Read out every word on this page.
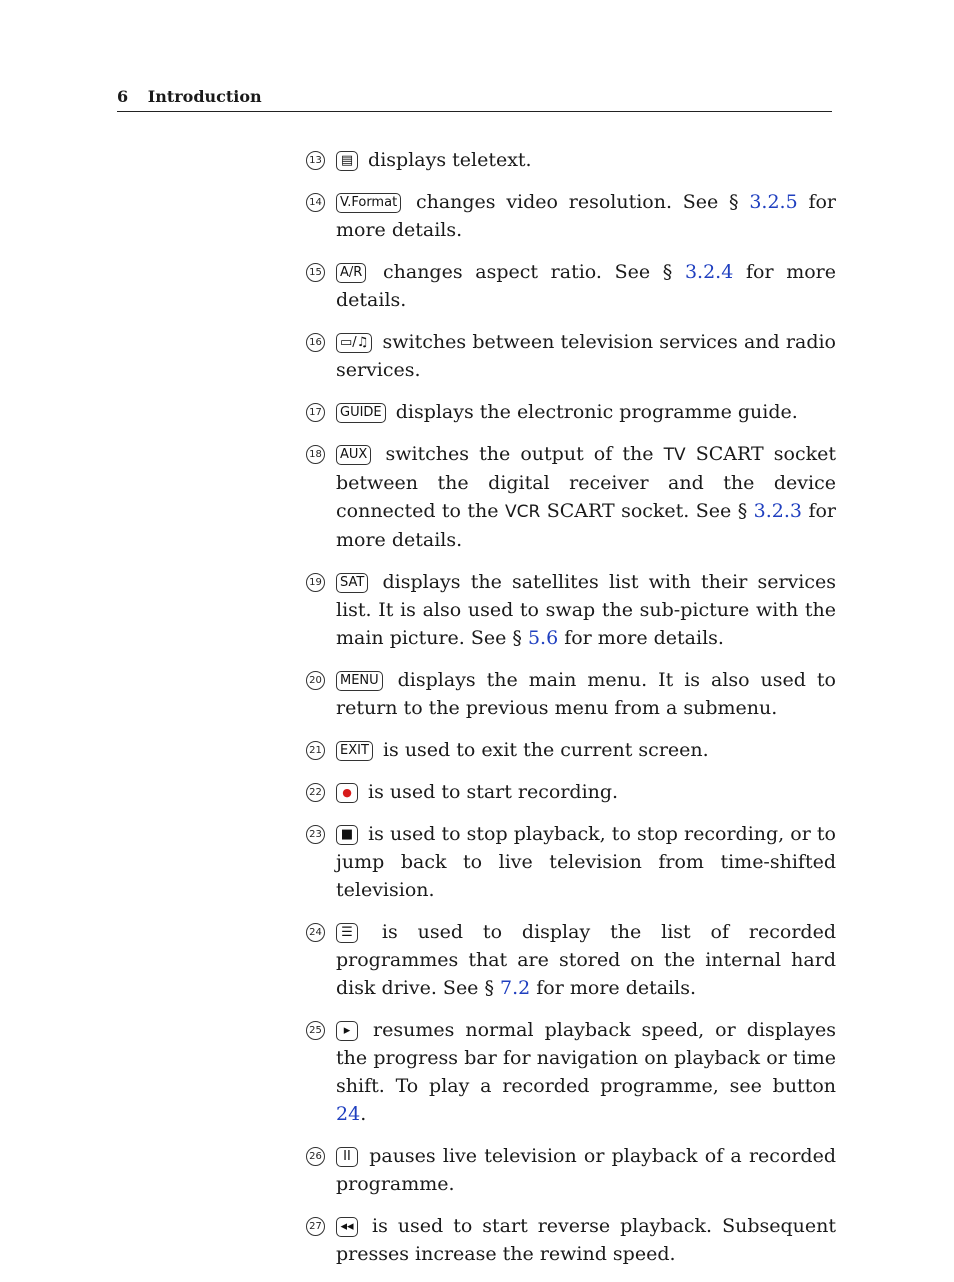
6 Introduction
13 ▤ displays teletext.
14 V.Format changes video resolution. See § 3.2.5 for more details.
15 A/R changes aspect ratio. See § 3.2.4 for more details.
16 ▭/♫ switches between television services and radio services.
17 GUIDE displays the electronic programme guide.
18 AUX switches the output of the TV SCART socket between the digital receiver and the device connected to the VCR SCART socket. See § 3.2.3 for more details.
19 SAT displays the satellites list with their services list. It is also used to swap the sub-picture with the main picture. See § 5.6 for more details.
20 MENU displays the main menu. It is also used to return to the previous menu from a submenu.
21 EXIT is used to exit the current screen.
22 ● is used to start recording.
23 ■ is used to stop playback, to stop recording, or to jump back to live television from time-shifted television.
24 ☰ is used to display the list of recorded programmes that are stored on the internal hard disk drive. See § 7.2 for more details.
25 ▸ resumes normal playback speed, or displayes the progress bar for navigation on playback or time shift. To play a recorded programme, see button 24.
26 II pauses live television or playback of a recorded programme.
27 ◂◂ is used to start reverse playback. Subsequent presses increase the rewind speed.
